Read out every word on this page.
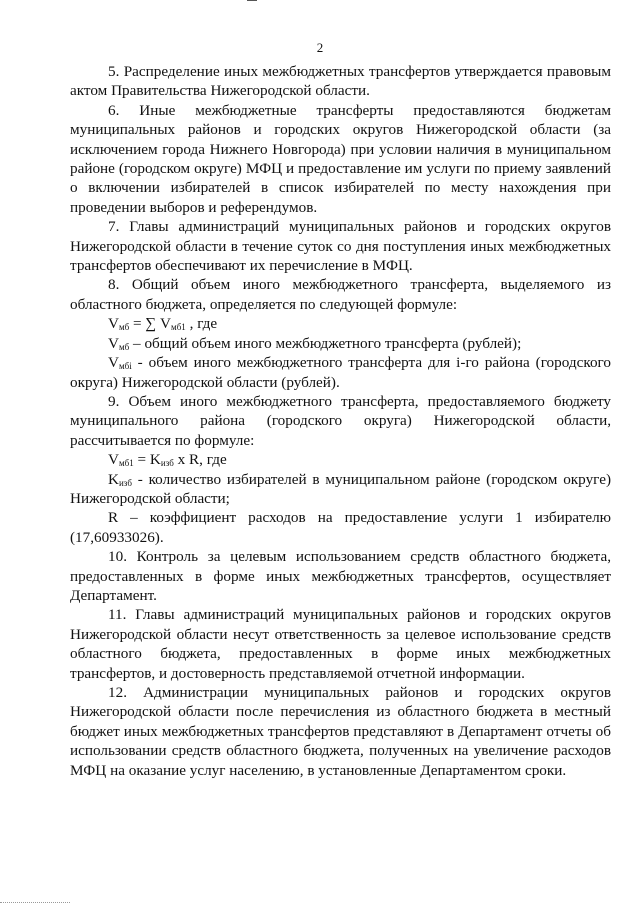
2

5. Распределение иных межбюджетных трансфертов утверждается правовым актом Правительства Нижегородской области.

6. Иные межбюджетные трансферты предоставляются бюджетам муниципальных районов и городских округов Нижегородской области (за исключением города Нижнего Новгорода) при условии наличия в муниципальном районе (городском округе) МФЦ и предоставление им услуги по приему заявлений о включении избирателей в список избирателей по месту нахождения при проведении выборов и референдумов.

7. Главы администраций муниципальных районов и городских округов Нижегородской области в течение суток со дня поступления иных межбюджетных трансфертов обеспечивают их перечисление в МФЦ.

8. Общий объем иного межбюджетного трансферта, выделяемого из областного бюджета, определяется по следующей формуле:

$V_{мб}$ = ∑ $V_{мб1}$ , где

$V_{мб}$ – общий объем иного межбюджетного трансферта (рублей);

$V_{мбi}$ - объем иного межбюджетного трансферта для i-го района (городского округа) Нижегородской области (рублей).

9. Объем иного межбюджетного трансферта, предоставляемого бюджету муниципального района (городского округа) Нижегородской области, рассчитывается по формуле:

$V_{мб1} = K_{изб}$ x R, где

$K_{изб}$ - количество избирателей в муниципальном районе (городском округе) Нижегородской области;

R – коэффициент расходов на предоставление услуги 1 избирателю (17,60933026).

10. Контроль за целевым использованием средств областного бюджета, предоставленных в форме иных межбюджетных трансфертов, осуществляет Департамент.

11. Главы администраций муниципальных районов и городских округов Нижегородской области несут ответственность за целевое использование средств областного бюджета, предоставленных в форме иных межбюджетных трансфертов, и достоверность представляемой отчетной информации.

12. Администрации муниципальных районов и городских округов Нижегородской области после перечисления из областного бюджета в местный бюджет иных межбюджетных трансфертов представляют в Департамент отчеты об использовании средств областного бюджета, полученных на увеличение расходов МФЦ на оказание услуг населению, в установленные Департаментом сроки.
